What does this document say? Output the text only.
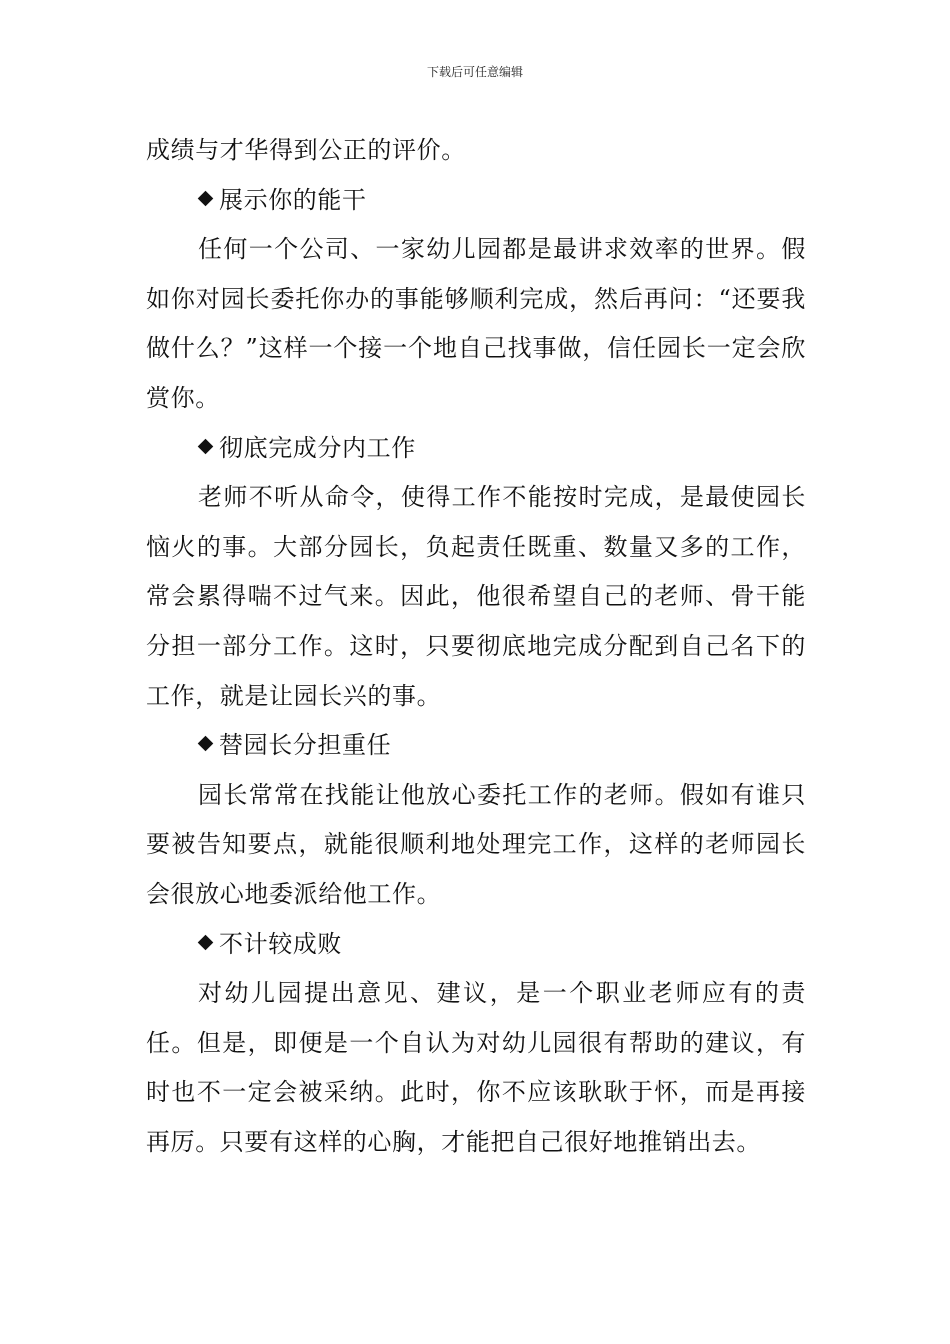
下载后可任意编辑

成绩与才华得到公正的评价。

展示你的能干

任何一个公司、一家幼儿园都是最讲求效率的世界。假如你对园长委托你办的事能够顺利完成，然后再问：“还要我做什么？”这样一个接一个地自己找事做，信任园长一定会欣赏你。

彻底完成分内工作

老师不听从命令，使得工作不能按时完成，是最使园长恼火的事。大部分园长，负起责任既重、数量又多的工作，常会累得喘不过气来。因此，他很希望自己的老师、骨干能分担一部分工作。这时，只要彻底地完成分配到自己名下的工作，就是让园长兴的事。

替园长分担重任

园长常常在找能让他放心委托工作的老师。假如有谁只要被告知要点，就能很顺利地处理完工作，这样的老师园长会很放心地委派给他工作。

不计较成败

对幼儿园提出意见、建议，是一个职业老师应有的责任。但是，即便是一个自认为对幼儿园很有帮助的建议，有时也不一定会被采纳。此时，你不应该耿耿于怀，而是再接再厉。只要有这样的心胸，才能把自己很好地推销出去。
